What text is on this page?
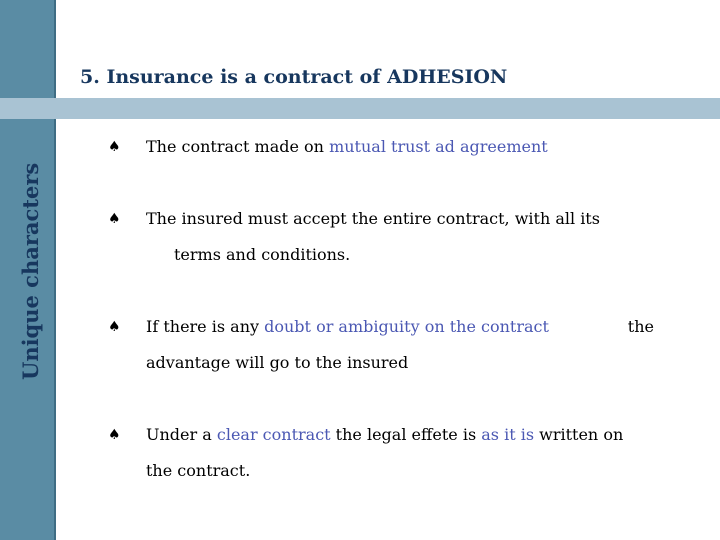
Unique characters
5. Insurance is a contract of ADHESION
♠ The contract made on mutual trust ad agreement
♠ The insured must accept the entire contract, with all its
terms and conditions.
♠ If there is any doubt or ambiguity on the contract	the
advantage will go to the insured
♠ Under a clear contract the legal effete is as it is written on
the contract.
